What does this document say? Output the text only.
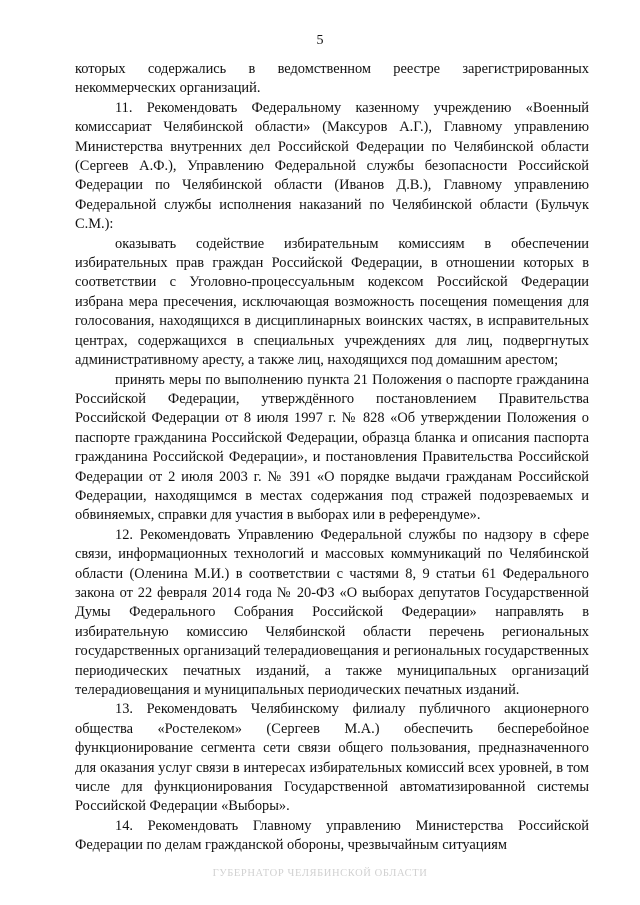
5

которых содержались в ведомственном реестре зарегистрированных некоммерческих организаций.

11. Рекомендовать Федеральному казенному учреждению «Военный комиссариат Челябинской области» (Максуров А.Г.), Главному управлению Министерства внутренних дел Российской Федерации по Челябинской области (Сергеев А.Ф.), Управлению Федеральной службы безопасности Российской Федерации по Челябинской области (Иванов Д.В.), Главному управлению Федеральной службы исполнения наказаний по Челябинской области (Бульчук С.М.):

оказывать содействие избирательным комиссиям в обеспечении избирательных прав граждан Российской Федерации, в отношении которых в соответствии с Уголовно-процессуальным кодексом Российской Федерации избрана мера пресечения, исключающая возможность посещения помещения для голосования, находящихся в дисциплинарных воинских частях, в исправительных центрах, содержащихся в специальных учреждениях для лиц, подвергнутых административному аресту, а также лиц, находящихся под домашним арестом;

принять меры по выполнению пункта 21 Положения о паспорте гражданина Российской Федерации, утверждённого постановлением Правительства Российской Федерации от 8 июля 1997 г. № 828 «Об утверждении Положения о паспорте гражданина Российской Федерации, образца бланка и описания паспорта гражданина Российской Федерации», и постановления Правительства Российской Федерации от 2 июля 2003 г. № 391 «О порядке выдачи гражданам Российской Федерации, находящимся в местах содержания под стражей подозреваемых и обвиняемых, справки для участия в выборах или в референдуме».

12. Рекомендовать Управлению Федеральной службы по надзору в сфере связи, информационных технологий и массовых коммуникаций по Челябинской области (Оленина М.И.) в соответствии с частями 8, 9 статьи 61 Федерального закона от 22 февраля 2014 года № 20-ФЗ «О выборах депутатов Государственной Думы Федерального Собрания Российской Федерации» направлять в избирательную комиссию Челябинской области перечень региональных государственных организаций телерадиовещания и региональных государственных периодических печатных изданий, а также муниципальных организаций телерадиовещания и муниципальных периодических печатных изданий.

13. Рекомендовать Челябинскому филиалу публичного акционерного общества «Ростелеком» (Сергеев М.А.) обеспечить бесперебойное функционирование сегмента сети связи общего пользования, предназначенного для оказания услуг связи в интересах избирательных комиссий всех уровней, в том числе для функционирования Государственной автоматизированной системы Российской Федерации «Выборы».

14. Рекомендовать Главному управлению Министерства Российской Федерации по делам гражданской обороны, чрезвычайным ситуациям

ГУБЕРНАТОР ЧЕЛЯБИНСКОЙ ОБЛАСТИ
